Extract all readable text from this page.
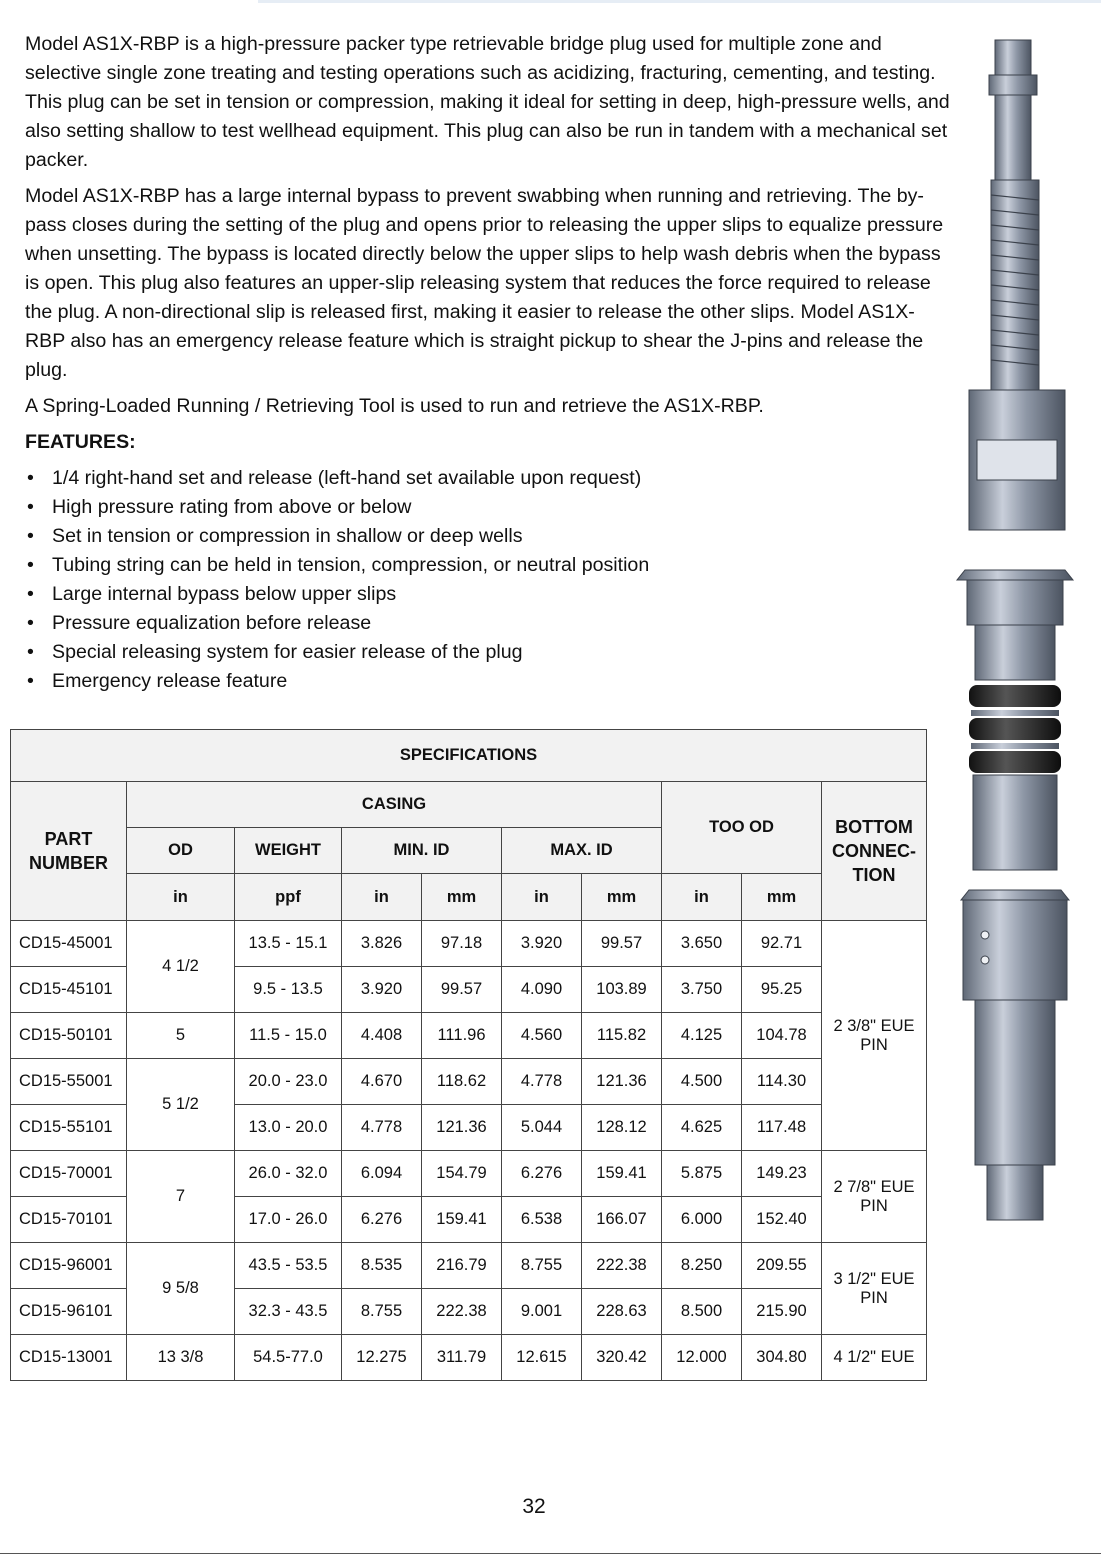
Model AS1X-RBP is a high-pressure packer type retrievable bridge plug used for multiple zone and selective single zone treating and testing operations such as acidizing, fracturing, cementing, and testing. This plug can be set in tension or compression, making it ideal for setting in deep, high-pressure wells, and also setting shallow to test wellhead equipment. This plug can also be run in tandem with a mechanical set packer.

Model AS1X-RBP has a large internal bypass to prevent swabbing when running and retrieving. The by-pass closes during the setting of the plug and opens prior to releasing the upper slips to equalize pressure when unsetting. The bypass is located directly below the upper slips to help wash debris when the bypass is open. This plug also features an upper-slip releasing system that reduces the force required to release the plug. A non-directional slip is released first, making it easier to release the other slips. Model AS1X-RBP also has an emergency release feature which is straight pickup to shear the J-pins and release the plug.

A Spring-Loaded Running / Retrieving Tool is used to run and retrieve the AS1X-RBP.

FEATURES:

• 1/4 right-hand set and release (left-hand set available upon request)
• High pressure rating from above or below
• Set in tension or compression in shallow or deep wells
• Tubing string can be held in tension, compression, or neutral position
• Large internal bypass below upper slips
• Pressure equalization before release
• Special releasing system for easier release of the plug
• Emergency release feature
SPECIFICATIONS									
PART NUMBER	CASING						TOO OD		BOTTOM CONNEC-TION
	OD	WEIGHT	MIN. ID		MAX. ID				
	in	ppf	in	mm	in	mm	in	mm	
CD15-45001	4 1/2	13.5 - 15.1	3.826	97.18	3.920	99.57	3.650	92.71	2 3/8" EUE PIN
CD15-45101		9.5 - 13.5	3.920	99.57	4.090	103.89	3.750	95.25	
CD15-50101	5	11.5 - 15.0	4.408	111.96	4.560	115.82	4.125	104.78	
CD15-55001	5 1/2	20.0 - 23.0	4.670	118.62	4.778	121.36	4.500	114.30	
CD15-55101		13.0 - 20.0	4.778	121.36	5.044	128.12	4.625	117.48	
CD15-70001	7	26.0 - 32.0	6.094	154.79	6.276	159.41	5.875	149.23	2 7/8" EUE PIN
CD15-70101		17.0 - 26.0	6.276	159.41	6.538	166.07	6.000	152.40	
CD15-96001	9 5/8	43.5 - 53.5	8.535	216.79	8.755	222.38	8.250	209.55	3 1/2" EUE PIN
CD15-96101		32.3 - 43.5	8.755	222.38	9.001	228.63	8.500	215.90	
CD15-13001	13 3/8	54.5-77.0	12.275	311.79	12.615	320.42	12.000	304.80	4 1/2" EUE
32
